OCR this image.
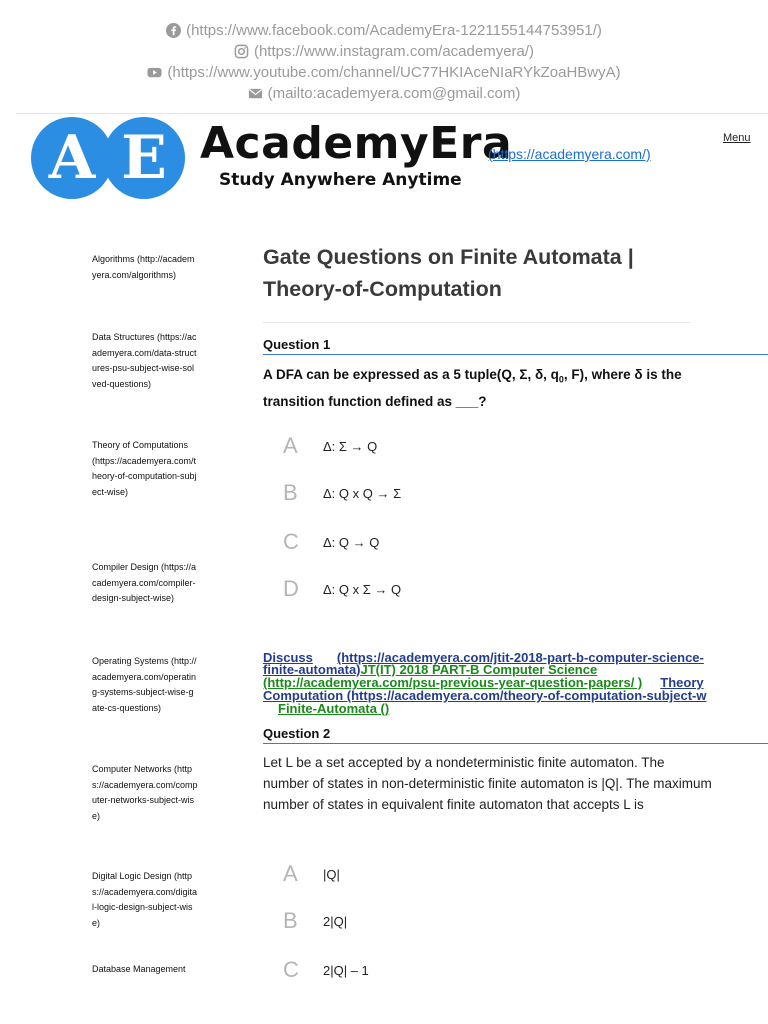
(https://www.facebook.com/AcademyEra-1221155144753951/)
(https://www.instagram.com/academyera/)
(https://www.youtube.com/channel/UC77HKIAceNIaRYkZoaHBwyA)
(mailto:academyera.com@gmail.com)
A E AcademyEra
Study Anywhere Anytime
(https://academyera.com/)
Menu
Algorithms (http://academyera.com/algorithms)
Data Structures (https://academyera.com/data-structures-psu-subject-wise-solved-questions)
Theory of Computations (https://academyera.com/theory-of-computation-subject-wise)
Compiler Design (https://academyera.com/compiler-design-subject-wise)
Operating Systems (http://academyera.com/operating-systems-subject-wise-gate-cs-questions)
Computer Networks (https://academyera.com/computer-networks-subject-wise)
Digital Logic Design (https://academyera.com/digital-logic-design-subject-wise)
Database Management
Gate Questions on Finite Automata | Theory-of-Computation
Question 1
A DFA can be expressed as a 5 tuple(Q, Σ, δ, $q_0$, F), where δ is the transition function defined as ___?
A	Δ: Σ → Q
B	Δ: Q x Q → Σ
C	Δ: Q → Q
D	Δ: Q x Σ → Q
Discuss (https://academyera.com/jtit-2018-part-b-computer-science-
finite-automata)JT(IT) 2018 PART-B Computer Science
(http://academyera.com/psu-previous-year-question-papers/ ) Theory
Computation (https://academyera.com/theory-of-computation-subject-w
Finite-Automata ()
Question 2
Let L be a set accepted by a nondeterministic finite automaton. The number of states in non-deterministic finite automaton is |Q|. The maximum number of states in equivalent finite automaton that accepts L is
A	|Q|
B	2|Q|
C	2|Q| – 1
